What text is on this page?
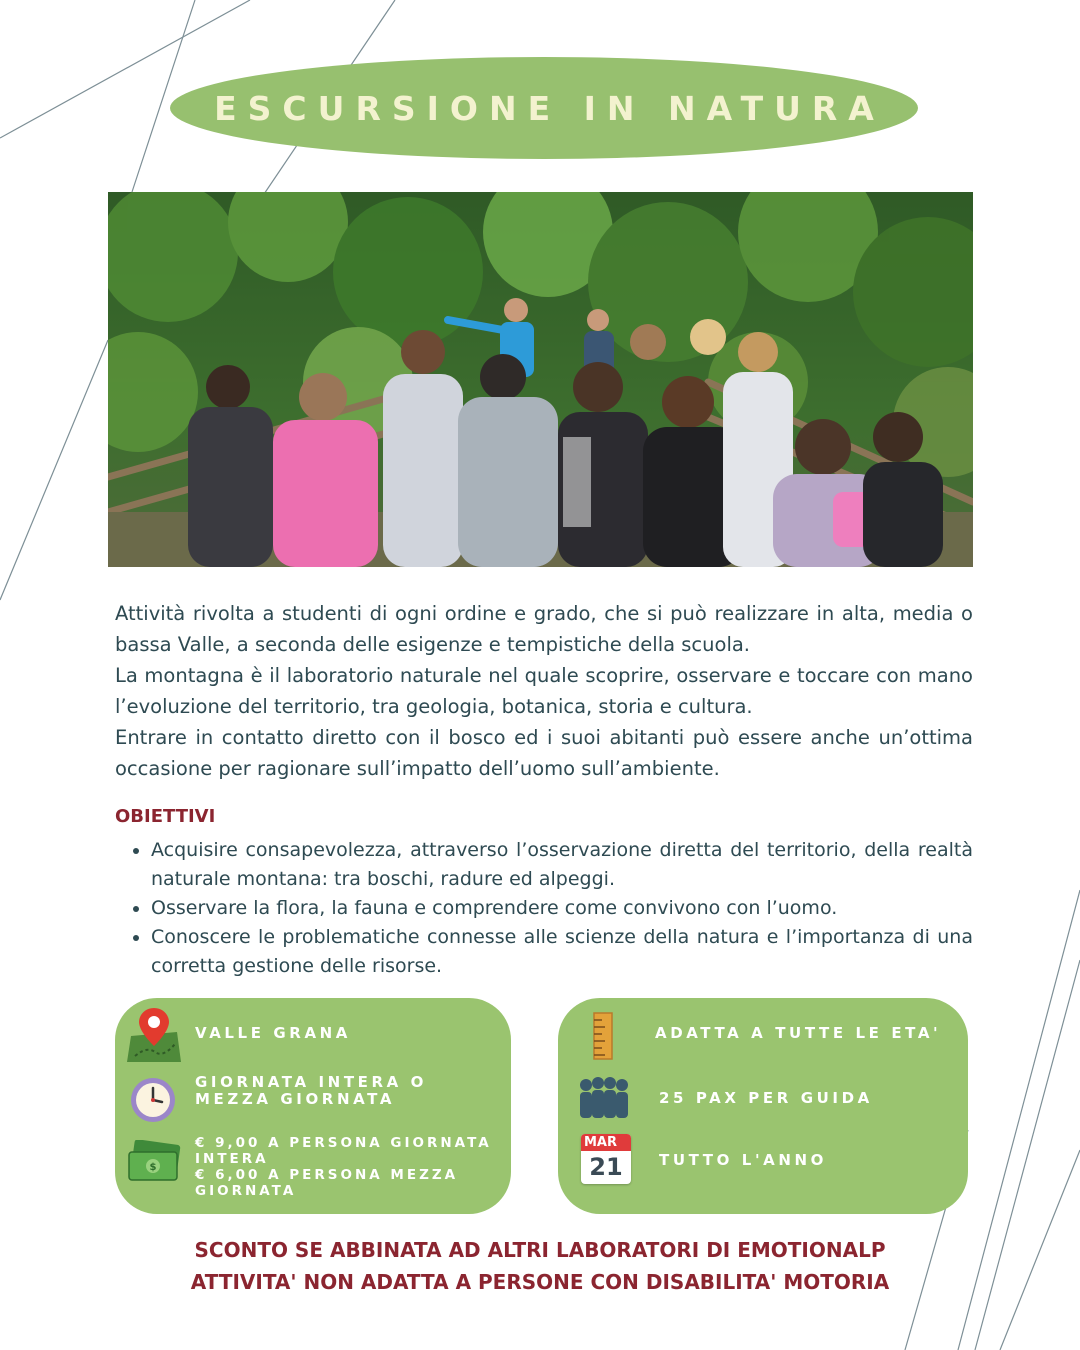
ESCURSIONE IN NATURA

Attività rivolta a studenti di ogni ordine e grado, che si può realizzare in alta, media o bassa Valle, a seconda delle esigenze e tempistiche della scuola.

La montagna è il laboratorio naturale nel quale scoprire, osservare e toccare con mano l’evoluzione del territorio, tra geologia, botanica, storia e cultura.

Entrare in contatto diretto con il bosco ed i suoi abitanti può essere anche un’ottima occasione per ragionare sull’impatto dell’uomo sull’ambiente.

OBIETTIVI
Acquisire consapevolezza, attraverso l’osservazione diretta del territorio, della realtà naturale montana: tra boschi, radure ed alpeggi.
Osservare la flora, la fauna e comprendere come convivono con l’uomo.
Conoscere le problematiche connesse alle scienze della natura e l’importanza di una corretta gestione delle risorse.
VALLE GRANA
GIORNATA INTERA O
MEZZA GIORNATA
$
€ 9,00 A PERSONA GIORNATA
INTERA
€ 6,00 A PERSONA MEZZA
GIORNATA
ADATTA A TUTTE LE ETA'
25 PAX PER GUIDA
MAR
21	TUTTO L'ANNO
SCONTO SE ABBINATA AD ALTRI LABORATORI DI EMOTIONALP
ATTIVITA' NON ADATTA A PERSONE CON DISABILITA' MOTORIA
